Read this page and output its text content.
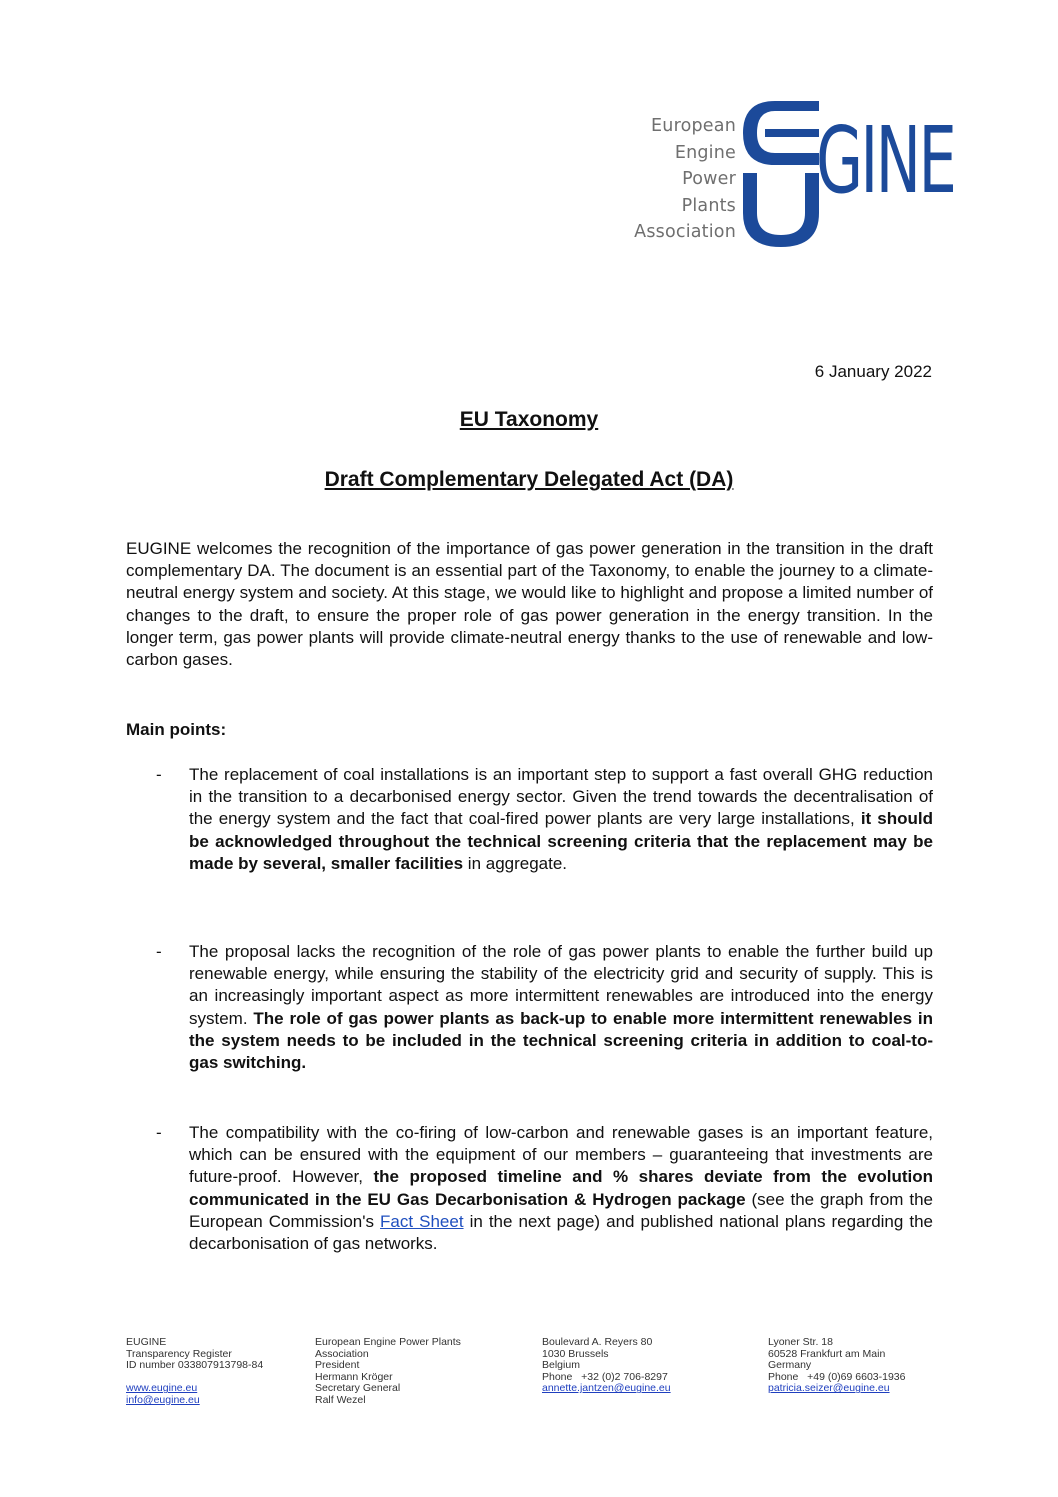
European
Engine
Power
Plants
Association
GINE
6 January 2022
EU Taxonomy
Draft Complementary Delegated Act (DA)
EUGINE welcomes the recognition of the importance of gas power generation in the transition in the draft complementary DA. The document is an essential part of the Taxonomy, to enable the journey to a climate-neutral energy system and society. At this stage, we would like to highlight and propose a limited number of changes to the draft, to ensure the proper role of gas power generation in the energy transition. In the longer term, gas power plants will provide climate-neutral energy thanks to the use of renewable and low-carbon gases.
Main points:
- The replacement of coal installations is an important step to support a fast overall GHG reduction in the transition to a decarbonised energy sector. Given the trend towards the decentralisation of the energy system and the fact that coal-fired power plants are very large installations, it should be acknowledged throughout the technical screening criteria that the replacement may be made by several, smaller facilities in aggregate.
- The proposal lacks the recognition of the role of gas power plants to enable the further build up renewable energy, while ensuring the stability of the electricity grid and security of supply. This is an increasingly important aspect as more intermittent renewables are introduced into the energy system. The role of gas power plants as back-up to enable more intermittent renewables in the system needs to be included in the technical screening criteria in addition to coal-to-gas switching.
- The compatibility with the co-firing of low-carbon and renewable gases is an important feature, which can be ensured with the equipment of our members – guaranteeing that investments are future-proof. However, the proposed timeline and % shares deviate from the evolution communicated in the EU Gas Decarbonisation & Hydrogen package (see the graph from the European Commission's Fact Sheet in the next page) and published national plans regarding the decarbonisation of gas networks.
EUGINE
Transparency Register
ID number 033807913798-84
www.eugine.eu
info@eugine.eu
European Engine Power Plants
Association
President
Hermann Kröger
Secretary General
Ralf Wezel
Boulevard A. Reyers 80
1030 Brussels
Belgium
Phone   +32 (0)2 706-8297
annette.jantzen@eugine.eu
Lyoner Str. 18
60528 Frankfurt am Main
Germany
Phone   +49 (0)69 6603-1936
patricia.seizer@eugine.eu
